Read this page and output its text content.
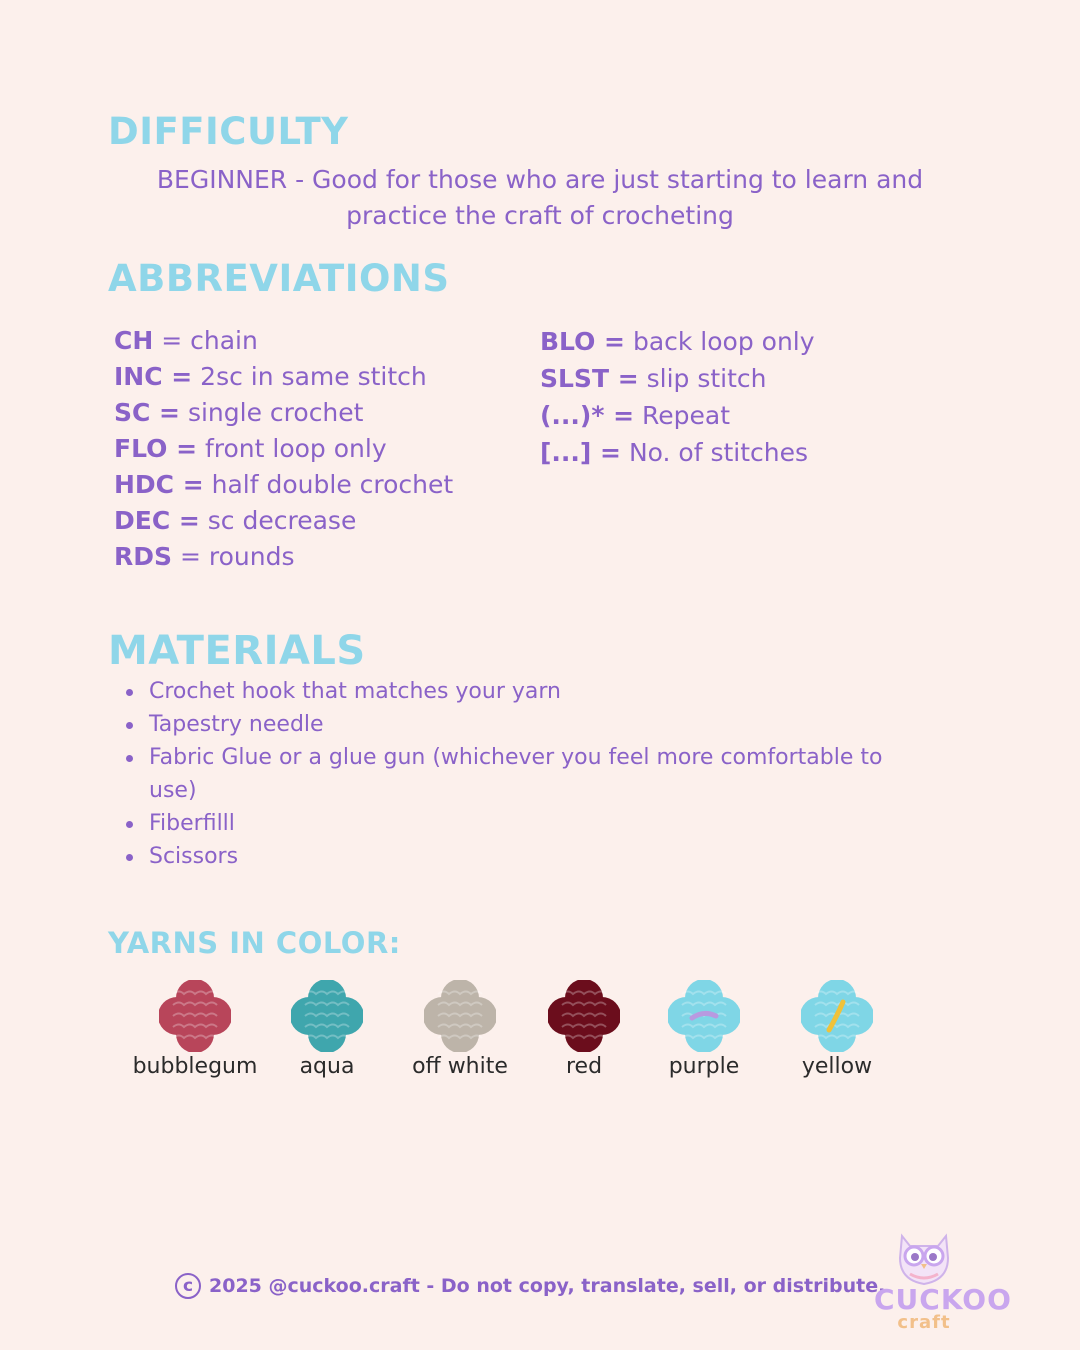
DIFFICULTY
BEGINNER - Good for those who are just starting to learn and practice the craft of crocheting
ABBREVIATIONS
CH = chain
INC = 2sc in same stitch
SC = single crochet
FLO = front loop only
HDC = half double crochet
DEC = sc decrease
RDS = rounds
BLO = back loop only
SLST = slip stitch
(...)* = Repeat
[...] = No. of stitches
MATERIALS
Crochet hook that matches your yarn
Tapestry needle
Fabric Glue or a glue gun (whichever you feel more comfortable to use)
Fiberfilll
Scissors
YARNS IN COLOR:
bubblegum	aqua	off white	red	purple	yellow
c 2025 @cuckoo.craft - Do not copy, translate, sell, or distribute.
CUCKOO
craft
